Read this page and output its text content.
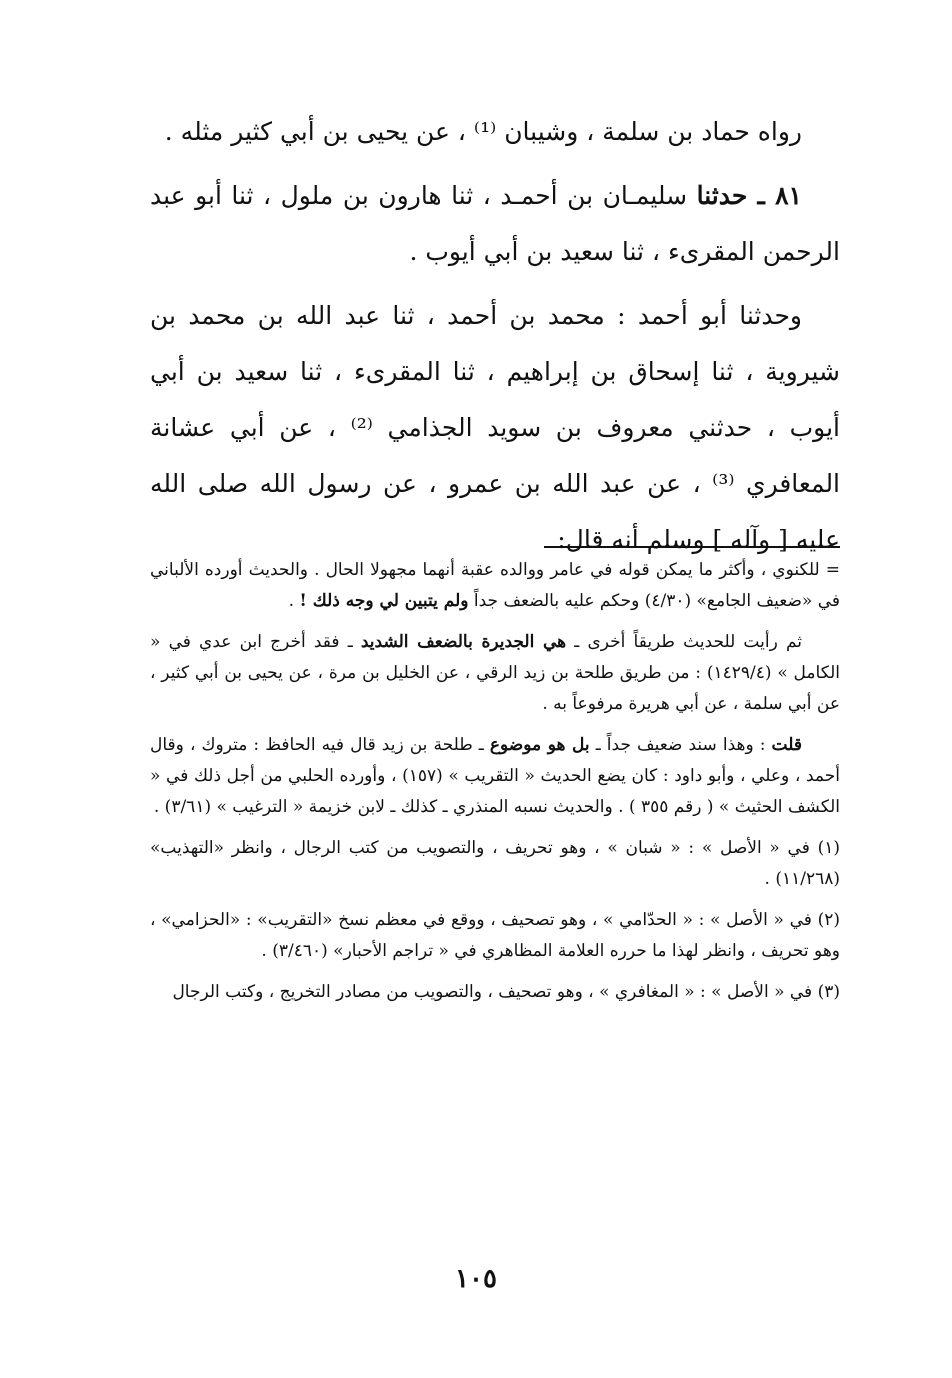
رواه حماد بن سلمة ، وشيبان ⁽¹⁾ ، عن يحيى بن أبي كثير مثله .

٨١ ـ حدثنا سليمـان بن أحمـد ، ثنا هارون بن ملول ، ثنا أبو عبد الرحمن المقرىء ، ثنا سعيد بن أبي أيوب .

وحدثنا أبو أحمد : محمد بن أحمد ، ثنا عبد الله بن محمد بن شيروية ، ثنا إسحاق بن إبراهيم ، ثنا المقرىء ، ثنا سعيد بن أبي أيوب ، حدثني معروف بن سويد الجذامي ⁽²⁾ ، عن أبي عشانة المعافري ⁽³⁾ ، عن عبد الله بن عمرو ، عن رسول الله صلى الله عليه [ وآله ] وسلم أنه قال:

= للكنوي ، وأكثر ما يمكن قوله في عامر ووالده عقبة أنهما مجهولا الحال . والحديث أورده الألباني في «ضعيف الجامع» (٤/٣٠) وحكم عليه بالضعف جداً ولم يتبين لي وجه ذلك ! .

ثم رأيت للحديث طريقاً أخرى ـ هي الجديرة بالضعف الشديد ـ فقد أخرج ابن عدي في « الكامل » (١٤٢٩/٤) : من طريق طلحة بن زيد الرقي ، عن الخليل بن مرة ، عن يحيى بن أبي كثير ، عن أبي سلمة ، عن أبي هريرة مرفوعاً به .

قلت : وهذا سند ضعيف جداً ـ بل هو موضوع ـ طلحة بن زيد قال فيه الحافظ : متروك ، وقال أحمد ، وعلي ، وأبو داود : كان يضع الحديث « التقريب » (١٥٧) ، وأورده الحلبي من أجل ذلك في « الكشف الحثيث » ( رقم ٣٥٥ ) . والحديث نسبه المنذري ـ كذلك ـ لابن خزيمة « الترغيب » (٣/٦١) .

(١) في « الأصل » : « شبان » ، وهو تحريف ، والتصويب من كتب الرجال ، وانظر «التهذيب» (١١/٢٦٨) .

(٢) في « الأصل » : « الحدّامي » ، وهو تصحيف ، ووقع في معظم نسخ «التقريب» : «الحزامي» ، وهو تحريف ، وانظر لهذا ما حرره العلامة المظاهري في « تراجم الأحبار» (٣/٤٦٠) .

(٣) في « الأصل » : « المغافري » ، وهو تصحيف ، والتصويب من مصادر التخريج ، وكتب الرجال

١٠٥
